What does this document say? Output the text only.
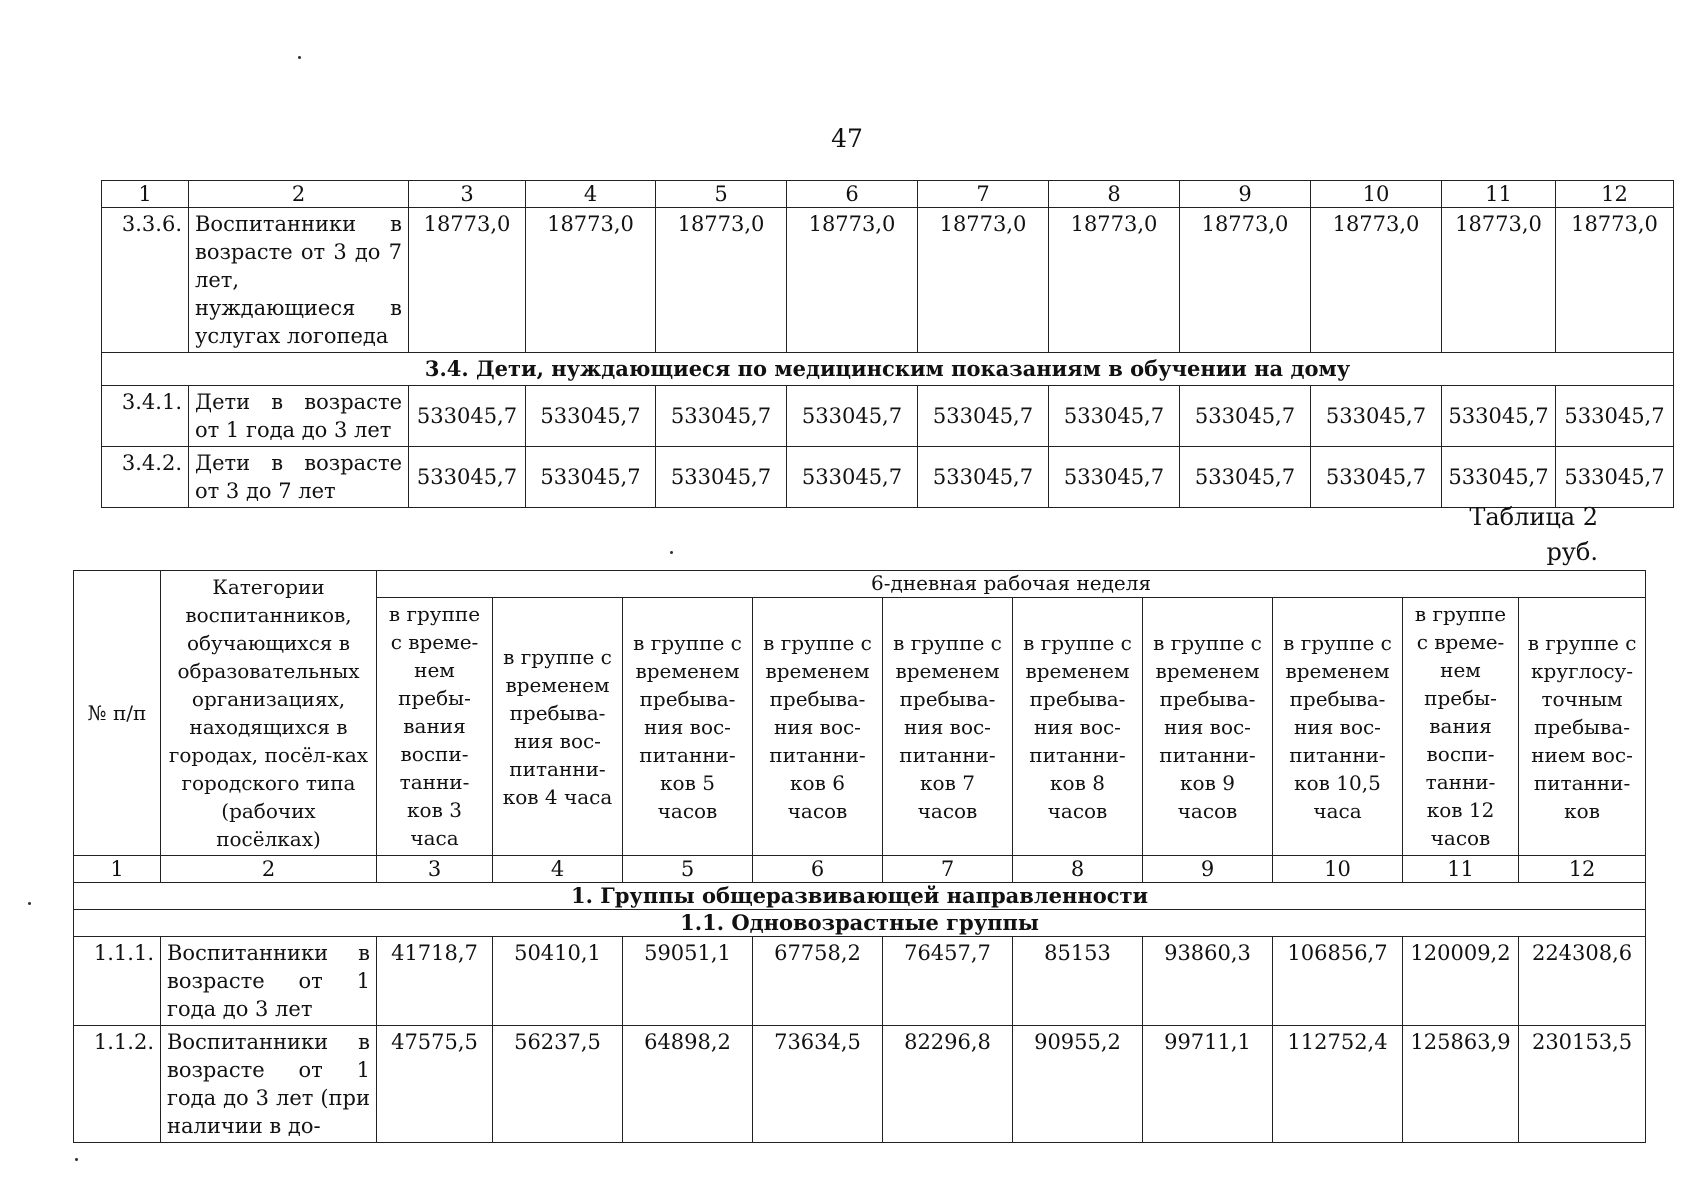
47
1	2	3	4	5	6	7	8	9	10	11	12
3.3.6.	Воспитанники в возрасте от 3 до 7 лет, нуждающиеся в услугах логопеда	18773,0	18773,0	18773,0	18773,0	18773,0	18773,0	18773,0	18773,0	18773,0	18773,0
3.4. Дети, нуждающиеся по медицинским показаниям в обучении на дому											
3.4.1.	Дети в возрасте от 1 года до 3 лет	533045,7	533045,7	533045,7	533045,7	533045,7	533045,7	533045,7	533045,7	533045,7	533045,7
3.4.2.	Дети в возрасте от 3 до 7 лет	533045,7	533045,7	533045,7	533045,7	533045,7	533045,7	533045,7	533045,7	533045,7	533045,7
Таблица 2
руб.
№ п/п	Категории воспитанников, обучающихся в образовательных организациях, находящихся в городах, посёл-ках городского типа (рабочих посёлках)	6-дневная рабочая неделя									
		в группе с време-нем пребы-вания воспи-танни-ков 3 часа	в группе с временем пребыва-ния вос-питанни-ков 4 часа	в группе с временем пребыва-ния вос-питанни-ков 5 часов	в группе с временем пребыва-ния вос-питанни-ков 6 часов	в группе с временем пребыва-ния вос-питанни-ков 7 часов	в группе с временем пребыва-ния вос-питанни-ков 8 часов	в группе с временем пребыва-ния вос-питанни-ков 9 часов	в группе с временем пребыва-ния вос-питанни-ков 10,5 часа	в группе с време-нем пребы-вания воспи-танни-ков 12 часов	в группе с круглосу-точным пребыва-нием вос-питанни-ков
1	2	3	4	5	6	7	8	9	10	11	12
1. Группы общеразвивающей направленности											
1.1. Одновозрастные группы											
1.1.1.	Воспитанники в возрасте от 1 года до 3 лет	41718,7	50410,1	59051,1	67758,2	76457,7	85153	93860,3	106856,7	120009,2	224308,6
1.1.2.	Воспитанники в возрасте от 1 года до 3 лет (при наличии в до-	47575,5	56237,5	64898,2	73634,5	82296,8	90955,2	99711,1	112752,4	125863,9	230153,5
